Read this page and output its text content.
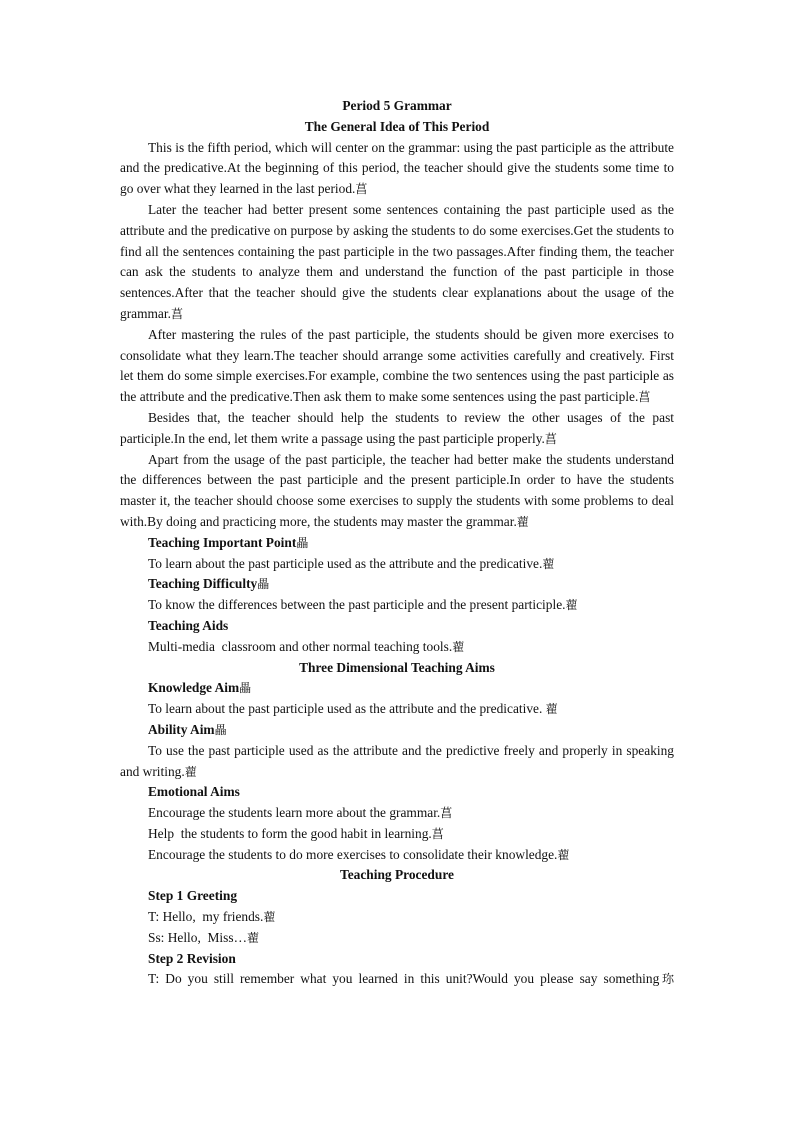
Period 5 Grammar
The General Idea of This Period

This is the fifth period, which will center on the grammar: using the past participle as the attribute and the predicative.At the beginning of this period, the teacher should give the students some time to go over what they learned in the last period.菖

Later the teacher had better present some sentences containing the past participle used as the attribute and the predicative on purpose by asking the students to do some exercises.Get the students to find all the sentences containing the past participle in the two passages.After finding them, the teacher can ask the students to analyze them and understand the function of the past participle in those sentences.After that the teacher should give the students clear explanations about the usage of the grammar.菖

After mastering the rules of the past participle, the students should be given more exercises to consolidate what they learn.The teacher should arrange some activities carefully and creatively. First let them do some simple exercises.For example, combine the two sentences using the past participle as the attribute and the predicative.Then ask them to make some sentences using the past participle.菖

Besides that, the teacher should help the students to review the other usages of the past participle.In the end, let them write a passage using the past participle properly.菖

Apart from the usage of the past participle, the teacher had better make the students understand the differences between the past participle and the present participle.In order to have the students master it, the teacher should choose some exercises to supply the students with some problems to deal with.By doing and practicing more, the students may master the grammar.藋

Teaching Important Point畾

To learn about the past participle used as the attribute and the predicative.藋

Teaching Difficulty畾

To know the differences between the past participle and the present participle.藋

Teaching Aids

Multi-media  classroom and other normal teaching tools.藋

Three Dimensional Teaching Aims

Knowledge Aim畾

To learn about the past participle used as the attribute and the predicative. 藋

Ability Aim畾

To use the past participle used as the attribute and the predictive freely and properly in speaking and writing.藋

Emotional Aims

Encourage the students learn more about the grammar.菖

Help  the students to form the good habit in learning.菖

Encourage the students to do more exercises to consolidate their knowledge.藋

Teaching Procedure

Step 1 Greeting

T: Hello,  my friends.藋

Ss: Hello,  Miss…藋

Step 2 Revision

T: Do you still remember what you learned in this unit?Would you please say something珎
